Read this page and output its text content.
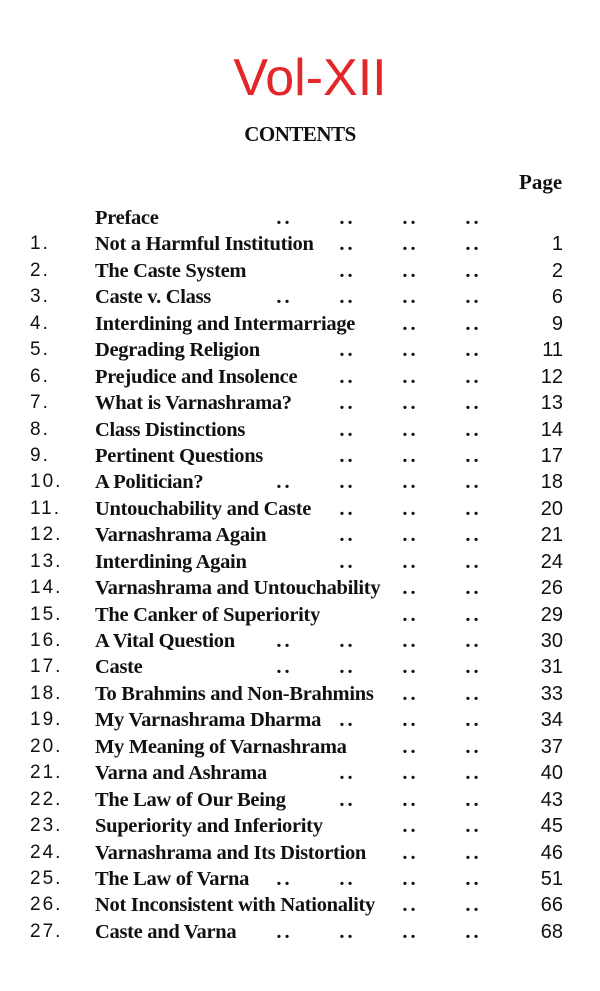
Vol-XII
CONTENTS
Page
Preface	..	..	..	..
1.	Not a Harmful Institution	..	..	..	1
2.	The Caste System	..	..	..	2
3.	Caste v. Class	..	..	..	..	6
4.	Interdining and Intermarriage	..	..	9
5.	Degrading Religion	..	..	..	11
6.	Prejudice and Insolence	..	..	..	12
7.	What is Varnashrama?	..	..	..	13
8.	Class Distinctions	..	..	..	14
9.	Pertinent Questions	..	..	..	17
10.	A Politician?	..	..	..	..	18
11.	Untouchability and Caste	..	..	..	20
12.	Varnashrama Again	..	..	..	21
13.	Interdining Again	..	..	..	24
14.	Varnashrama and Untouchability	..	..	26
15.	The Canker of Superiority	..	..	29
16.	A Vital Question	..	..	..	..	30
17.	Caste	..	..	..	..	31
18.	To Brahmins and Non-Brahmins	..	..	33
19.	My Varnashrama Dharma ..	..	..	34
20.	My Meaning of Varnashrama	..	..	37
21.	Varna and Ashrama	..	..	..	40
22.	The Law of Our Being	..	..	..	43
23.	Superiority and Inferiority	..	..	45
24.	Varnashrama and Its Distortion	..	..	46
25.	The Law of Varna	..	..	..	..	51
26.	Not Inconsistent with Nationality	..	..	66
27.	Caste and Varna	..	..	..	..	68
